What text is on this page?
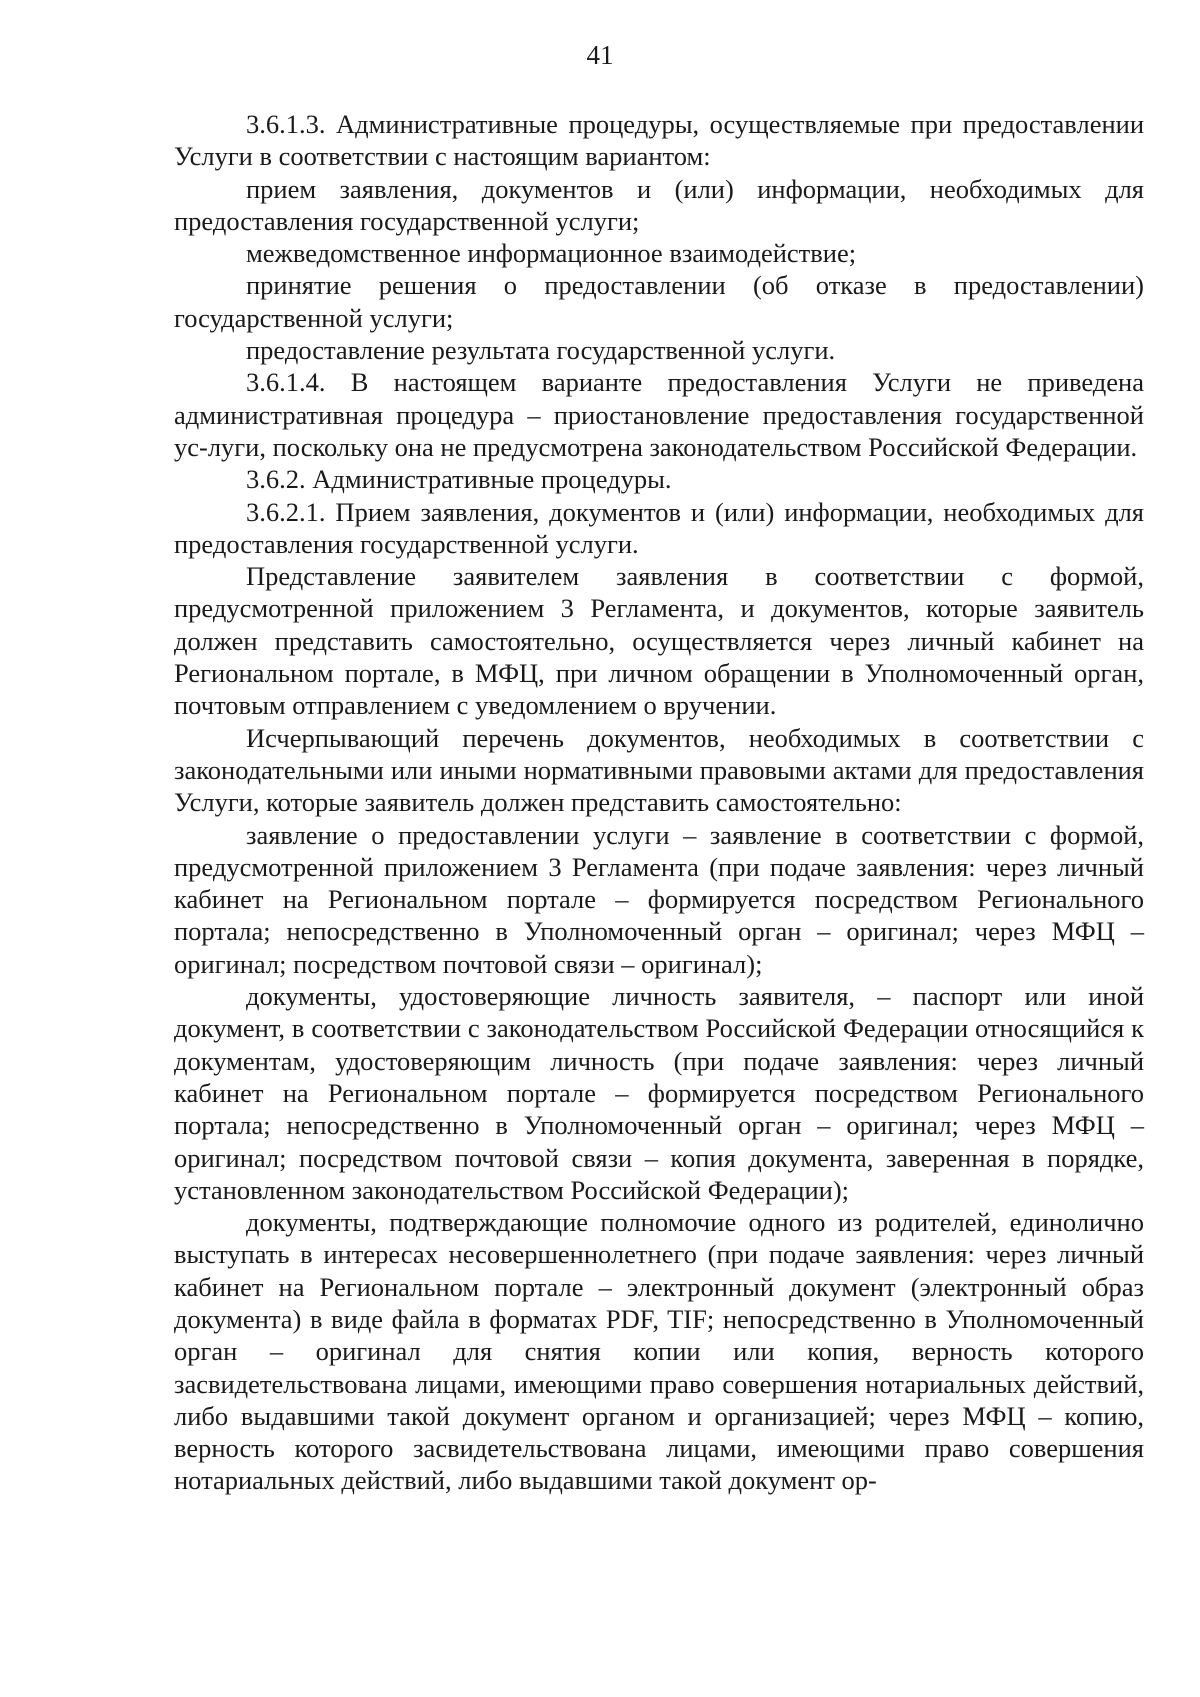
41

3.6.1.3. Административные процедуры, осуществляемые при предоставлении Услуги в соответствии с настоящим вариантом:

прием заявления, документов и (или) информации, необходимых для предоставления государственной услуги;

межведомственное информационное взаимодействие;

принятие решения о предоставлении (об отказе в предоставлении) государственной услуги;

предоставление результата государственной услуги.

3.6.1.4. В настоящем варианте предоставления Услуги не приведена административная процедура – приостановление предоставления государственной ус-луги, поскольку она не предусмотрена законодательством Российской Федерации.

3.6.2. Административные процедуры.

3.6.2.1. Прием заявления, документов и (или) информации, необходимых для предоставления государственной услуги.

Представление заявителем заявления в соответствии с формой, предусмотренной приложением 3 Регламента, и документов, которые заявитель должен представить самостоятельно, осуществляется через личный кабинет на Региональном портале, в МФЦ, при личном обращении в Уполномоченный орган, почтовым отправлением с уведомлением о вручении.

Исчерпывающий перечень документов, необходимых в соответствии с законодательными или иными нормативными правовыми актами для предоставления Услуги, которые заявитель должен представить самостоятельно:

заявление о предоставлении услуги – заявление в соответствии с формой, предусмотренной приложением 3 Регламента (при подаче заявления: через личный кабинет на Региональном портале – формируется посредством Регионального портала; непосредственно в Уполномоченный орган – оригинал; через МФЦ – оригинал; посредством почтовой связи – оригинал);

документы, удостоверяющие личность заявителя, – паспорт или иной документ, в соответствии с законодательством Российской Федерации относящийся к документам, удостоверяющим личность (при подаче заявления: через личный кабинет на Региональном портале – формируется посредством Регионального портала; непосредственно в Уполномоченный орган – оригинал; через МФЦ – оригинал; посредством почтовой связи – копия документа, заверенная в порядке, установленном законодательством Российской Федерации);

документы, подтверждающие полномочие одного из родителей, единолично выступать в интересах несовершеннолетнего (при подаче заявления: через личный кабинет на Региональном портале – электронный документ (электронный образ документа) в виде файла в форматах PDF, TIF; непосредственно в Уполномоченный орган – оригинал для снятия копии или копия, верность которого засвидетельствована лицами, имеющими право совершения нотариальных действий, либо выдавшими такой документ органом и организацией; через МФЦ – копию, верность которого засвидетельствована лицами, имеющими право совершения нотариальных действий, либо выдавшими такой документ ор-
